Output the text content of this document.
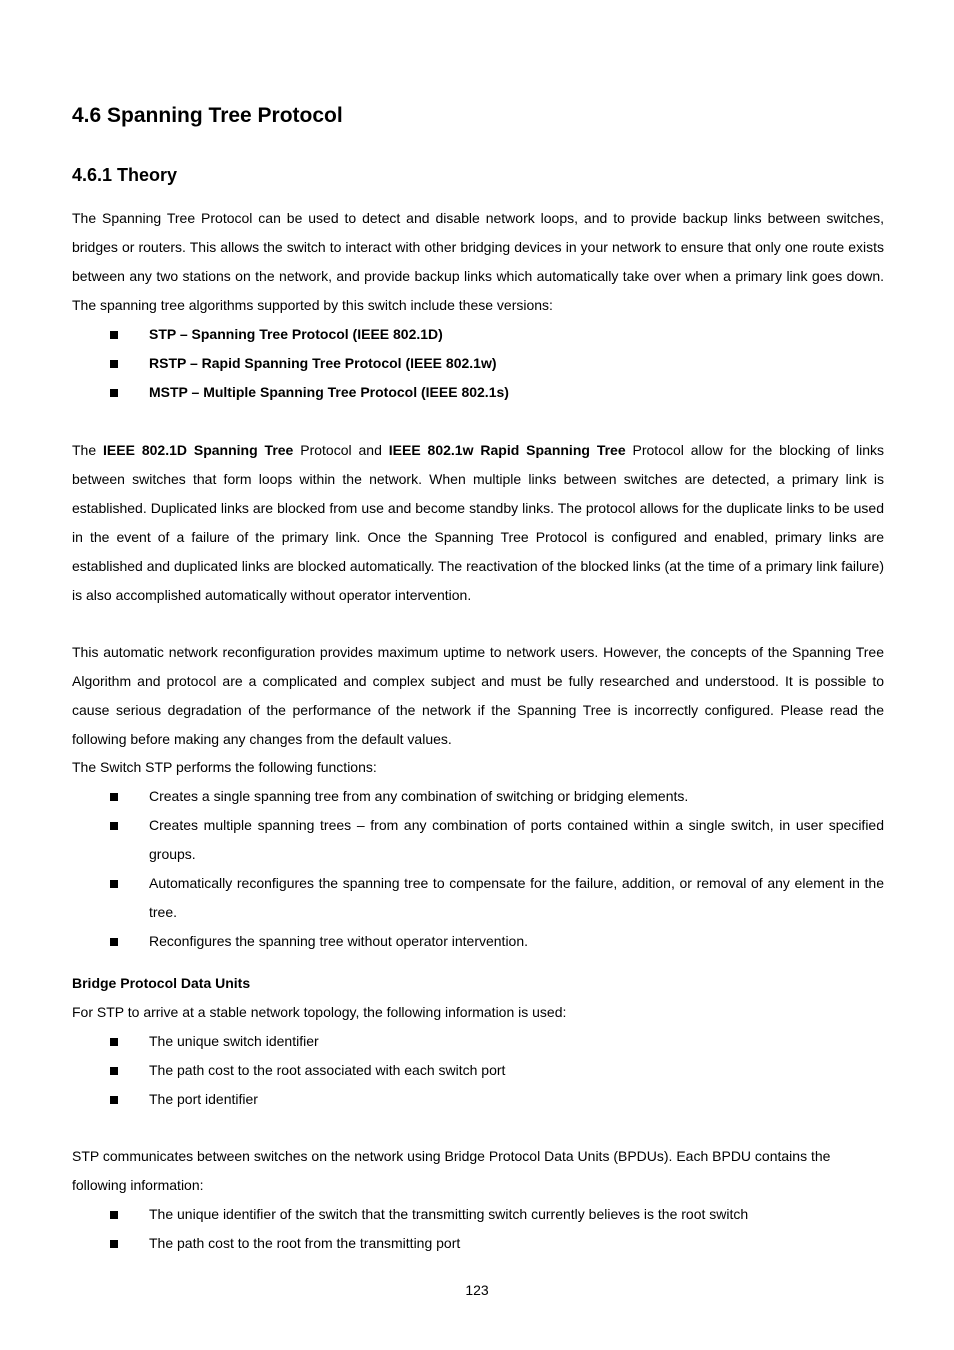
4.6 Spanning Tree Protocol
4.6.1 Theory

The Spanning Tree Protocol can be used to detect and disable network loops, and to provide backup links between switches, bridges or routers. This allows the switch to interact with other bridging devices in your network to ensure that only one route exists between any two stations on the network, and provide backup links which automatically take over when a primary link goes down. The spanning tree algorithms supported by this switch include these versions:

STP – Spanning Tree Protocol (IEEE 802.1D)
RSTP – Rapid Spanning Tree Protocol (IEEE 802.1w)
MSTP – Multiple Spanning Tree Protocol (IEEE 802.1s)

The IEEE 802.1D Spanning Tree Protocol and IEEE 802.1w Rapid Spanning Tree Protocol allow for the blocking of links between switches that form loops within the network. When multiple links between switches are detected, a primary link is established. Duplicated links are blocked from use and become standby links. The protocol allows for the duplicate links to be used in the event of a failure of the primary link. Once the Spanning Tree Protocol is configured and enabled, primary links are established and duplicated links are blocked automatically. The reactivation of the blocked links (at the time of a primary link failure) is also accomplished automatically without operator intervention.

This automatic network reconfiguration provides maximum uptime to network users. However, the concepts of the Spanning Tree Algorithm and protocol are a complicated and complex subject and must be fully researched and understood. It is possible to cause serious degradation of the performance of the network if the Spanning Tree is incorrectly configured. Please read the following before making any changes from the default values.

The Switch STP performs the following functions:

Creates a single spanning tree from any combination of switching or bridging elements.
Creates multiple spanning trees – from any combination of ports contained within a single switch, in user specified groups.
Automatically reconfigures the spanning tree to compensate for the failure, addition, or removal of any element in the tree.
Reconfigures the spanning tree without operator intervention.
Bridge Protocol Data Units

For STP to arrive at a stable network topology, the following information is used:

The unique switch identifier
The path cost to the root associated with each switch port
The port identifier

STP communicates between switches on the network using Bridge Protocol Data Units (BPDUs). Each BPDU contains the following information:

The unique identifier of the switch that the transmitting switch currently believes is the root switch
The path cost to the root from the transmitting port
123
